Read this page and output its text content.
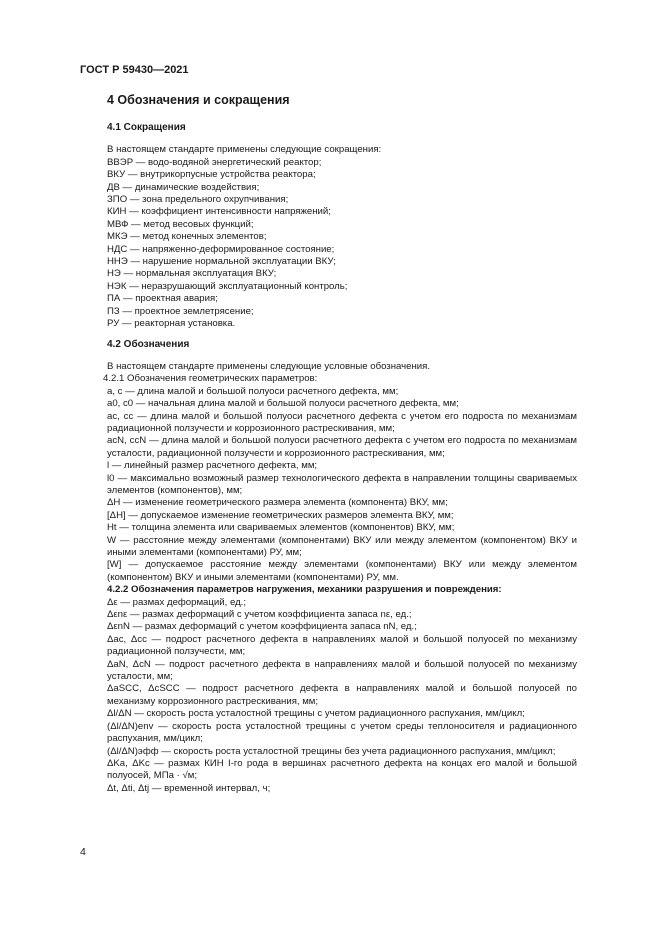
ГОСТ Р 59430—2021
4 Обозначения и сокращения
4.1 Сокращения

В настоящем стандарте применены следующие сокращения:

ВВЭР — водо-водяной энергетический реактор;

ВКУ — внутрикорпусные устройства реактора;

ДВ — динамические воздействия;

ЗПО — зона предельного охрупчивания;

КИН — коэффициент интенсивности напряжений;

МВФ — метод весовых функций;

МКЭ — метод конечных элементов;

НДС — напряженно-деформированное состояние;

ННЭ — нарушение нормальной эксплуатации ВКУ;

НЭ — нормальная эксплуатация ВКУ;

НЭК — неразрушающий эксплуатационный контроль;

ПА — проектная авария;

ПЗ — проектное землетрясение;

РУ — реакторная установка.

4.2 Обозначения

В настоящем стандарте применены следующие условные обозначения.

4.2.1 Обозначения геометрических параметров:

a, c — длина малой и большой полуоси расчетного дефекта, мм;

a0, c0 — начальная длина малой и большой полуоси расчетного дефекта, мм;

ac, cc — длина малой и большой полуоси расчетного дефекта с учетом его подроста по механизмам радиационной ползучести и коррозионного растрескивания, мм;

acN, ccN — длина малой и большой полуоси расчетного дефекта с учетом его подроста по механизмам усталости, радиационной ползучести и коррозионного растрескивания, мм;

l — линейный размер расчетного дефекта, мм;

l0 — максимально возможный размер технологического дефекта в направлении толщины свариваемых элементов (компонентов), мм;

ΔH — изменение геометрического размера элемента (компонента) ВКУ, мм;

[ΔH] — допускаемое изменение геометрических размеров элемента ВКУ, мм;

Ht — толщина элемента или свариваемых элементов (компонентов) ВКУ, мм;

W — расстояние между элементами (компонентами) ВКУ или между элементом (компонентом) ВКУ и иными элементами (компонентами) РУ, мм;

[W] — допускаемое расстояние между элементами (компонентами) ВКУ или между элементом (компонентом) ВКУ и иными элементами (компонентами) РУ, мм.

4.2.2 Обозначения параметров нагружения, механики разрушения и повреждения:

Δε — размах деформаций, ед.;

Δεnε — размах деформаций с учетом коэффициента запаса nε, ед.;

ΔεnN — размах деформаций с учетом коэффициента запаса nN, ед.;

Δac, Δcc — подрост расчетного дефекта в направлениях малой и большой полуосей по механизму радиационной ползучести, мм;

ΔaN, ΔcN — подрост расчетного дефекта в направлениях малой и большой полуосей по механизму усталости, мм;

ΔaSCC, ΔcSCC — подрост расчетного дефекта в направлениях малой и большой полуосей по механизму коррозионного растрескивания, мм;

Δl/ΔN — скорость роста усталостной трещины с учетом радиационного распухания, мм/цикл;

(Δl/ΔN)env — скорость роста усталостной трещины с учетом среды теплоносителя и радиационного распухания, мм/цикл;

(Δl/ΔN)эфф — скорость роста усталостной трещины без учета радиационного распухания, мм/цикл;

ΔKa, ΔKc — размах КИН I-го рода в вершинах расчетного дефекта на концах его малой и большой полуосей, МПа · √м;

Δt, Δti, Δtj — временной интервал, ч;

4
